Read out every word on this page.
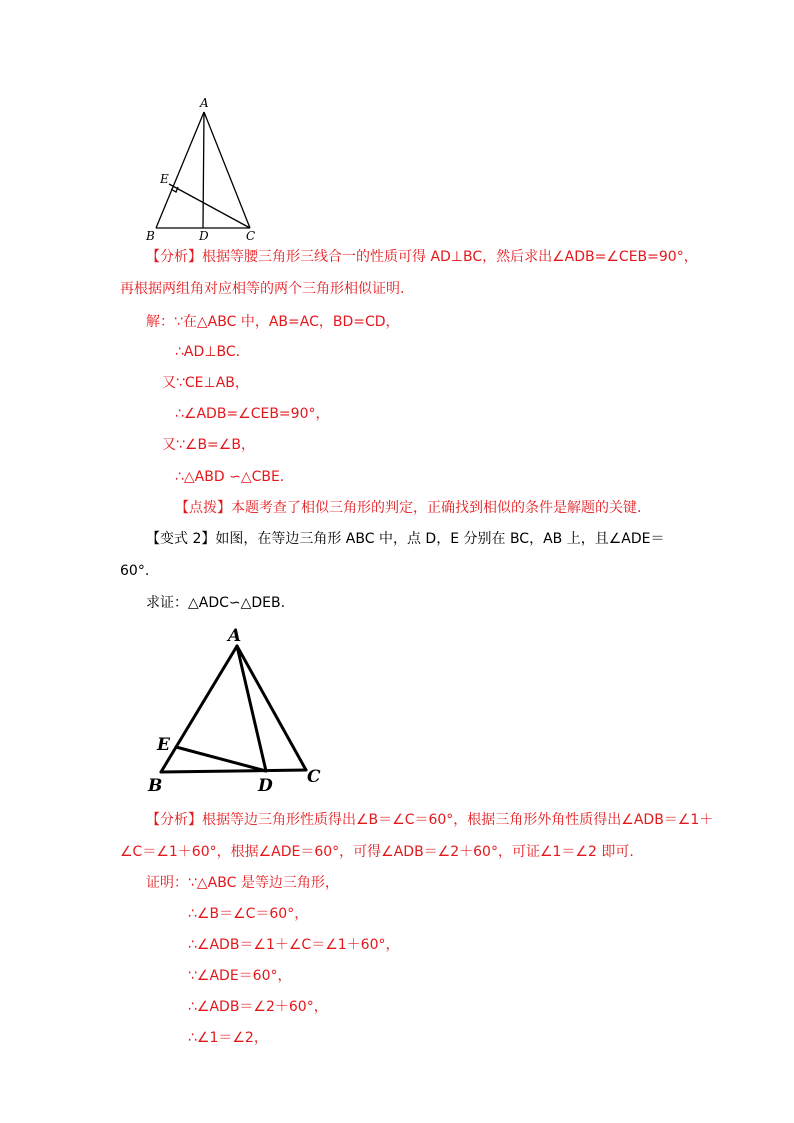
A
E
B	D	C
【分析】根据等腰三角形三线合一的性质可得 AD⊥BC，然后求出∠ADB=∠CEB=90°，
再根据两组角对应相等的两个三角形相似证明.
解：∵在△ABC 中，AB=AC，BD=CD，
∴AD⊥BC.
又∵CE⊥AB，
∴∠ADB=∠CEB=90°，
又∵∠B=∠B，
∴△ABD ∽△CBE.
【点拨】本题考查了相似三角形的判定，正确找到相似的条件是解题的关键.
【变式 2】如图，在等边三角形 ABC 中，点 D，E 分别在 BC，AB 上，且∠ADE＝
60°.
求证：△ADC∽△DEB.
A
E
B	D C
【分析】根据等边三角形性质得出∠B＝∠C＝60°，根据三角形外角性质得出∠ADB＝∠1＋
∠C＝∠1＋60°，根据∠ADE＝60°，可得∠ADB＝∠2＋60°，可证∠1＝∠2 即可.
证明：∵△ABC 是等边三角形，
∴∠B＝∠C＝60°，
∴∠ADB＝∠1＋∠C＝∠1＋60°，
∵∠ADE＝60°，
∴∠ADB＝∠2＋60°，
∴∠1＝∠2，
